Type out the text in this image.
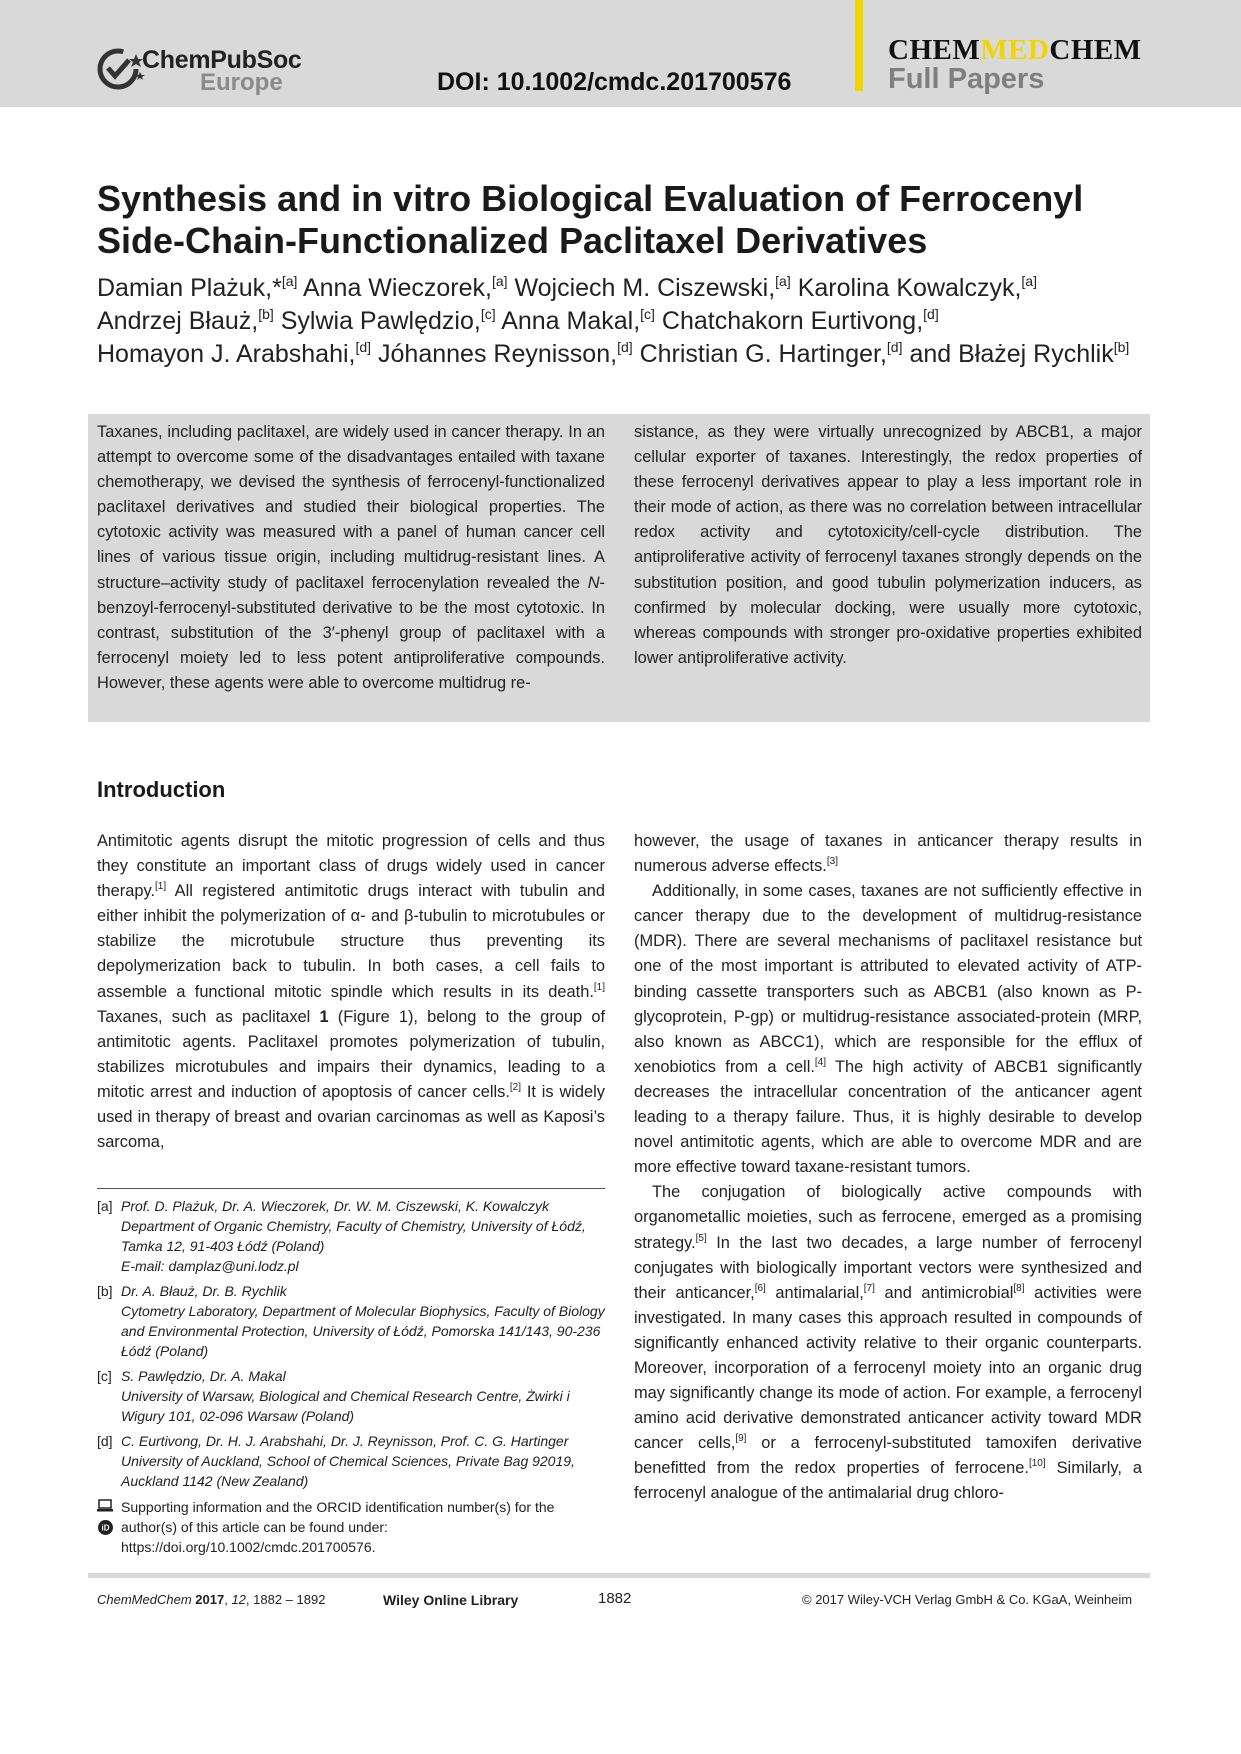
ChemPubSoc
Europe	DOI: 10.1002/cmdc.201700576
CHEMMEDCHEM
Full Papers
Synthesis and in vitro Biological Evaluation of Ferrocenyl
Side-Chain-Functionalized Paclitaxel Derivatives
Damian Plażuk,*[a] Anna Wieczorek,[a] Wojciech M. Ciszewski,[a] Karolina Kowalczyk,[a]
Andrzej Błauż,[b] Sylwia Pawlędzio,[c] Anna Makal,[c] Chatchakorn Eurtivong,[d]
Homayon J. Arabshahi,[d] Jóhannes Reynisson,[d] Christian G. Hartinger,[d] and Błażej Rychlik[b]
Taxanes, including paclitaxel, are widely used in cancer therapy. In an attempt to overcome some of the disadvantages entailed with taxane chemotherapy, we devised the synthesis of ferrocenyl-functionalized paclitaxel derivatives and studied their biological properties. The cytotoxic activity was measured with a panel of human cancer cell lines of various tissue origin, including multidrug-resistant lines. A structure–activity study of paclitaxel ferrocenylation revealed the N-benzoyl-ferrocenyl-substituted derivative to be the most cytotoxic. In contrast, substitution of the 3′-phenyl group of paclitaxel with a ferrocenyl moiety led to less potent antiproliferative compounds. However, these agents were able to overcome multidrug re-
sistance, as they were virtually unrecognized by ABCB1, a major cellular exporter of taxanes. Interestingly, the redox properties of these ferrocenyl derivatives appear to play a less important role in their mode of action, as there was no correlation between intracellular redox activity and cytotoxicity/cell-cycle distribution. The antiproliferative activity of ferrocenyl taxanes strongly depends on the substitution position, and good tubulin polymerization inducers, as confirmed by molecular docking, were usually more cytotoxic, whereas compounds with stronger pro-oxidative properties exhibited lower antiproliferative activity.
Introduction

Antimitotic agents disrupt the mitotic progression of cells and thus they constitute an important class of drugs widely used in cancer therapy.[1] All registered antimitotic drugs interact with tubulin and either inhibit the polymerization of α- and β-tubulin to microtubules or stabilize the microtubule structure thus preventing its depolymerization back to tubulin. In both cases, a cell fails to assemble a functional mitotic spindle which results in its death.[1] Taxanes, such as paclitaxel 1 (Figure 1), belong to the group of antimitotic agents. Paclitaxel promotes polymerization of tubulin, stabilizes microtubules and impairs their dynamics, leading to a mitotic arrest and induction of apoptosis of cancer cells.[2] It is widely used in therapy of breast and ovarian carcinomas as well as Kaposi’s sarcoma,

however, the usage of taxanes in anticancer therapy results in numerous adverse effects.[3]

Additionally, in some cases, taxanes are not sufficiently effective in cancer therapy due to the development of multidrug-resistance (MDR). There are several mechanisms of paclitaxel resistance but one of the most important is attributed to elevated activity of ATP-binding cassette transporters such as ABCB1 (also known as P-glycoprotein, P-gp) or multidrug-resistance associated-protein (MRP, also known as ABCC1), which are responsible for the efflux of xenobiotics from a cell.[4] The high activity of ABCB1 significantly decreases the intracellular concentration of the anticancer agent leading to a therapy failure. Thus, it is highly desirable to develop novel antimitotic agents, which are able to overcome MDR and are more effective toward taxane-resistant tumors.

The conjugation of biologically active compounds with organometallic moieties, such as ferrocene, emerged as a promising strategy.[5] In the last two decades, a large number of ferrocenyl conjugates with biologically important vectors were synthesized and their anticancer,[6] antimalarial,[7] and antimicrobial[8] activities were investigated. In many cases this approach resulted in compounds of significantly enhanced activity relative to their organic counterparts. Moreover, incorporation of a ferrocenyl moiety into an organic drug may significantly change its mode of action. For example, a ferrocenyl amino acid derivative demonstrated anticancer activity toward MDR cancer cells,[9] or a ferrocenyl-substituted tamoxifen derivative benefitted from the redox properties of ferrocene.[10] Similarly, a ferrocenyl analogue of the antimalarial drug chloro-

[a] Prof. D. Plażuk, Dr. A. Wieczorek, Dr. W. M. Ciszewski, K. Kowalczyk
Department of Organic Chemistry, Faculty of Chemistry, University of Łódź, Tamka 12, 91-403 Łódź (Poland)
E-mail: damplaz@uni.lodz.pl
[b] Dr. A. Błauż, Dr. B. Rychlik
Cytometry Laboratory, Department of Molecular Biophysics, Faculty of Biology and Environmental Protection, University of Łódź, Pomorska 141/143, 90-236 Łódź (Poland)
[c] S. Pawlędzio, Dr. A. Makal
University of Warsaw, Biological and Chemical Research Centre, Żwirki i Wigury 101, 02-096 Warsaw (Poland)
[d] C. Eurtivong, Dr. H. J. Arabshahi, Dr. J. Reynisson, Prof. C. G. Hartinger
University of Auckland, School of Chemical Sciences, Private Bag 92019, Auckland 1142 (New Zealand)
iD
Supporting information and the ORCID identification number(s) for the author(s) of this article can be found under: https://doi.org/10.1002/cmdc.201700576.
ChemMedChem 2017, 12, 1882 – 1892	Wiley Online Library	1882	© 2017 Wiley-VCH Verlag GmbH & Co. KGaA, Weinheim
